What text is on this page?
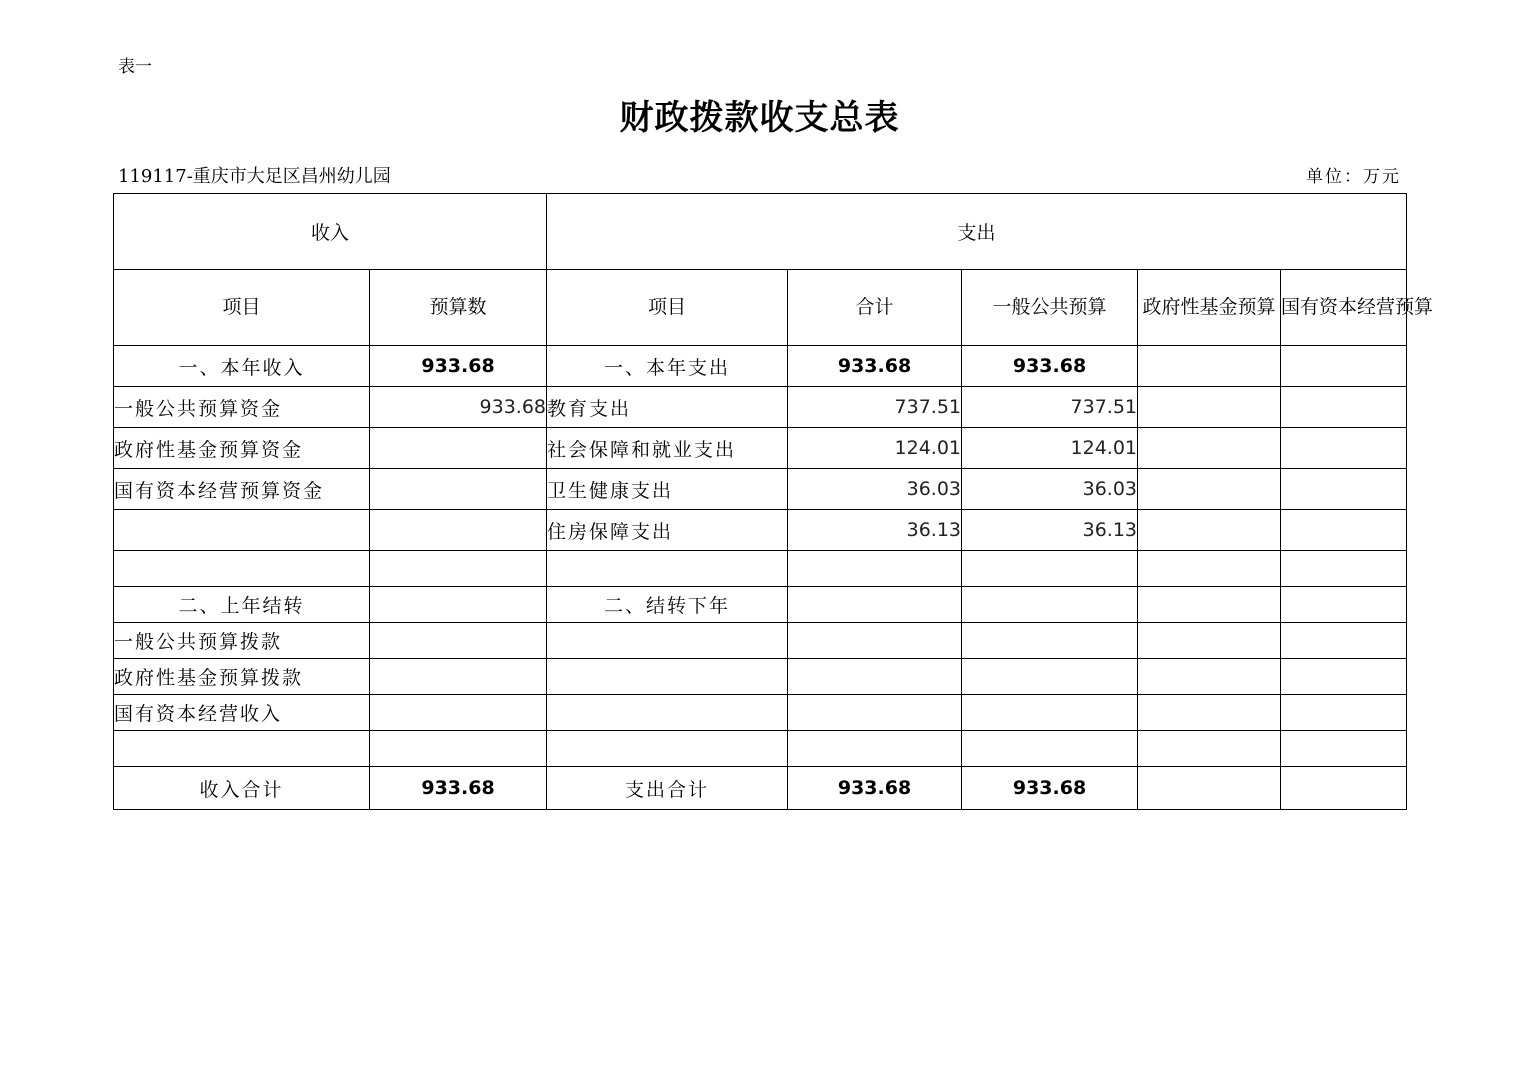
表一
财政拨款收支总表
119117-重庆市大足区昌州幼儿园	单位：万元
收入		支出				
项目	预算数	项目	合计	一般公共预算	政府性基金预算	国有资本经营预算
一、本年收入	933.68	一、本年支出	933.68	933.68		
一般公共预算资金	933.68	教育支出	737.51	737.51		
政府性基金预算资金		社会保障和就业支出	124.01	124.01		
国有资本经营预算资金		卫生健康支出	36.03	36.03		
		住房保障支出	36.13	36.13		

二、上年结转		二、结转下年				
一般公共预算拨款						
政府性基金预算拨款						
国有资本经营收入						

收入合计	933.68	支出合计	933.68	933.68		
